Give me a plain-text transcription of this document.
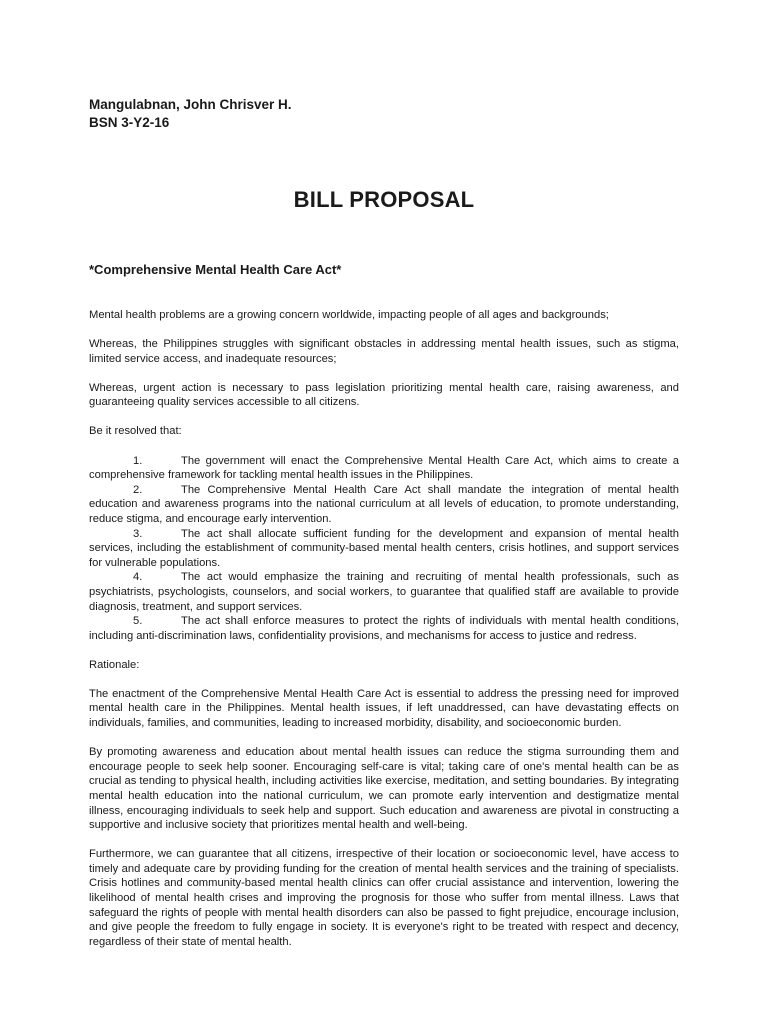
Mangulabnan, John Chrisver H.
BSN 3-Y2-16
BILL PROPOSAL
*Comprehensive Mental Health Care Act*

Mental health problems are a growing concern worldwide, impacting people of all ages and backgrounds;

Whereas, the Philippines struggles with significant obstacles in addressing mental health issues, such as stigma, limited service access, and inadequate resources;

Whereas, urgent action is necessary to pass legislation prioritizing mental health care, raising awareness, and guaranteeing quality services accessible to all citizens.

Be it resolved that:

1.	The government will enact the Comprehensive Mental Health Care Act, which aims to create a comprehensive framework for tackling mental health issues in the Philippines.
2.	The Comprehensive Mental Health Care Act shall mandate the integration of mental health education and awareness programs into the national curriculum at all levels of education, to promote understanding, reduce stigma, and encourage early intervention.
3.	The act shall allocate sufficient funding for the development and expansion of mental health services, including the establishment of community-based mental health centers, crisis hotlines, and support services for vulnerable populations.
4.	The act would emphasize the training and recruiting of mental health professionals, such as psychiatrists, psychologists, counselors, and social workers, to guarantee that qualified staff are available to provide diagnosis, treatment, and support services.
5.	The act shall enforce measures to protect the rights of individuals with mental health conditions, including anti-discrimination laws, confidentiality provisions, and mechanisms for access to justice and redress.

Rationale:

The enactment of the Comprehensive Mental Health Care Act is essential to address the pressing need for improved mental health care in the Philippines. Mental health issues, if left unaddressed, can have devastating effects on individuals, families, and communities, leading to increased morbidity, disability, and socioeconomic burden.

By promoting awareness and education about mental health issues can reduce the stigma surrounding them and encourage people to seek help sooner. Encouraging self-care is vital; taking care of one's mental health can be as crucial as tending to physical health, including activities like exercise, meditation, and setting boundaries. By integrating mental health education into the national curriculum, we can promote early intervention and destigmatize mental illness, encouraging individuals to seek help and support. Such education and awareness are pivotal in constructing a supportive and inclusive society that prioritizes mental health and well-being.

Furthermore, we can guarantee that all citizens, irrespective of their location or socioeconomic level, have access to timely and adequate care by providing funding for the creation of mental health services and the training of specialists. Crisis hotlines and community-based mental health clinics can offer crucial assistance and intervention, lowering the likelihood of mental health crises and improving the prognosis for those who suffer from mental illness. Laws that safeguard the rights of people with mental health disorders can also be passed to fight prejudice, encourage inclusion, and give people the freedom to fully engage in society. It is everyone's right to be treated with respect and decency, regardless of their state of mental health.
